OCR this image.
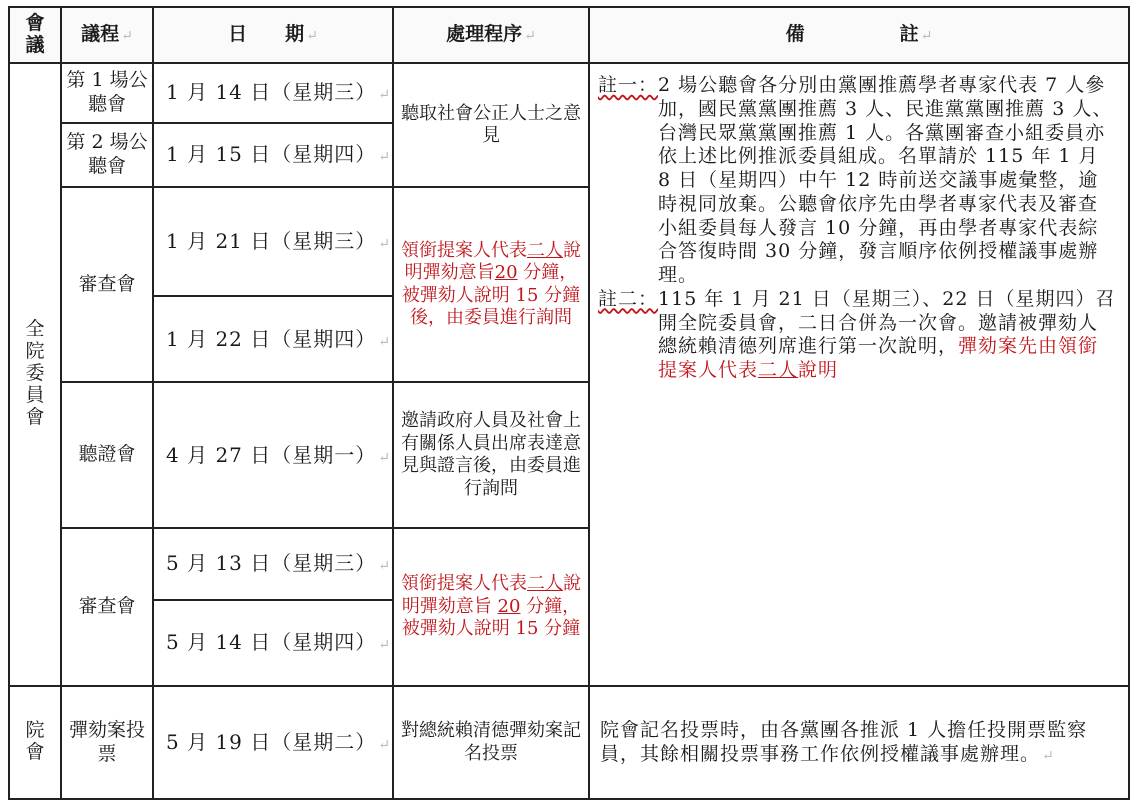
會議	議程 ↵	日　　期 ↵	處理程序 ↵	備　　　　　註 ↵
全院委員會	第 1 場公聽會	1 月 14 日（星期三） ↵	聽取社會公正人士之意見	註一： 2 場公聽會各分別由黨團推薦學者專家代表 7 人參加，國民黨黨團推薦 3 人、民進黨黨團推薦 3 人、台灣民眾黨黨團推薦 1 人。各黨團審查小組委員亦依上述比例推派委員組成。名單請於 115 年 1 月 8 日（星期四）中午 12 時前送交議事處彙整，逾時視同放棄。公聽會依序先由學者專家代表及審查小組委員每人發言 10 分鐘，再由學者專家代表綜合答復時間 30 分鐘，發言順序依例授權議事處辦理。
註二： 115 年 1 月 21 日（星期三）、22 日（星期四）召開全院委員會，二日合併為一次會。邀請被彈劾人總統賴清德列席進行第一次說明，彈劾案先由領銜提案人代表二人說明

	第 2 場公聽會	1 月 15 日（星期四） ↵		
	審查會	1 月 21 日（星期三） ↵	領銜提案人代表二人說明彈劾意旨20 分鐘，被彈劾人說明 15 分鐘後，由委員進行詢問	
		1 月 22 日（星期四） ↵		
	聽證會	4 月 27 日（星期一） ↵	邀請政府人員及社會上有關係人員出席表達意見與證言後，由委員進行詢問	
	審查會	5 月 13 日（星期三） ↵	領銜提案人代表二人說明彈劾意旨 20 分鐘，被彈劾人說明 15 分鐘	
		5 月 14 日（星期四） ↵		
院會	彈劾案投票	5 月 19 日（星期二） ↵	對總統賴清德彈劾案記名投票	院會記名投票時，由各黨團各推派 1 人擔任投開票監察員，其餘相關投票事務工作依例授權議事處辦理。 ↵
